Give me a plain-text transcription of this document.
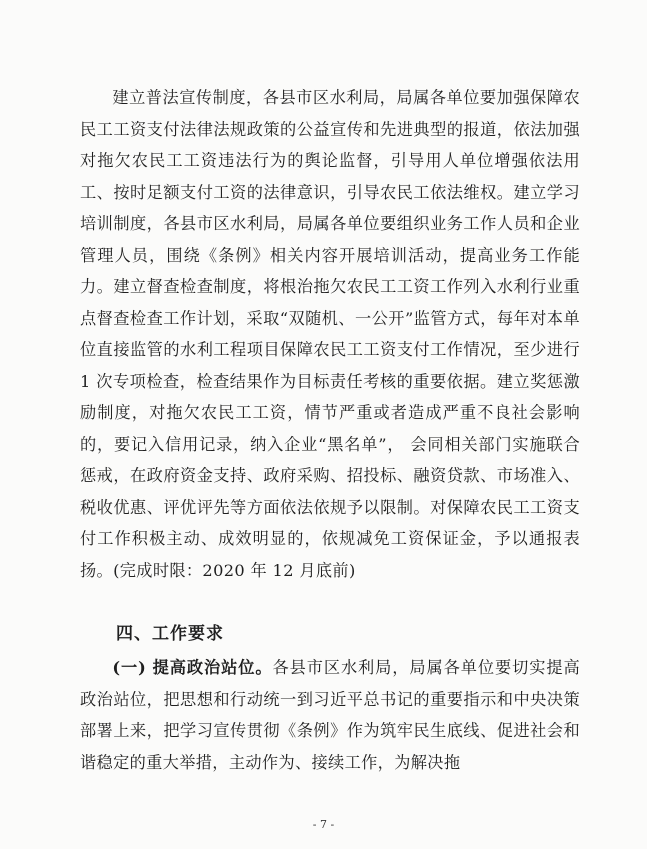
建立普法宣传制度，各县市区水利局，局属各单位要加强保障农民工工资支付法律法规政策的公益宣传和先进典型的报道，依法加强对拖欠农民工工资违法行为的舆论监督，引导用人单位增强依法用工、按时足额支付工资的法律意识，引导农民工依法维权。建立学习培训制度，各县市区水利局，局属各单位要组织业务工作人员和企业管理人员，围绕《条例》相关内容开展培训活动，提高业务工作能力。建立督查检查制度，将根治拖欠农民工工资工作列入水利行业重点督查检查工作计划，采取“双随机、一公开”监管方式，每年对本单位直接监管的水利工程项目保障农民工工资支付工作情况，至少进行 1 次专项检查，检查结果作为目标责任考核的重要依据。建立奖惩激励制度，对拖欠农民工工资，情节严重或者造成严重不良社会影响的，要记入信用记录，纳入企业“黑名单”， 会同相关部门实施联合惩戒，在政府资金支持、政府采购、招投标、融资贷款、市场准入、税收优惠、评优评先等方面依法依规予以限制。对保障农民工工资支付工作积极主动、成效明显的，依规减免工资保证金，予以通报表扬。(完成时限：2020 年 12 月底前)

四、工作要求

(一) 提高政治站位。各县市区水利局，局属各单位要切实提高政治站位，把思想和行动统一到习近平总书记的重要指示和中央决策部署上来，把学习宣传贯彻《条例》作为筑牢民生底线、促进社会和谐稳定的重大举措，主动作为、接续工作，为解决拖

- 7 -
